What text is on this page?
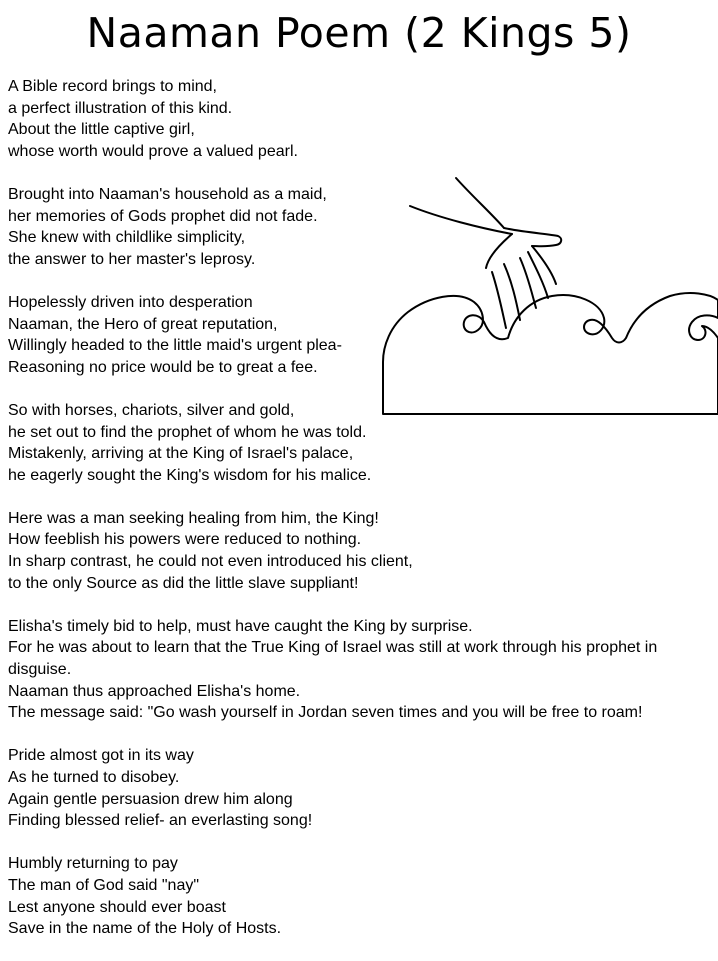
Naaman Poem (2 Kings 5)
A Bible record brings to mind,
a perfect illustration of this kind.
About the little captive girl,
whose worth would prove a valued pearl.
Brought into Naaman's household as a maid,
her memories of Gods prophet did not fade.
She knew with childlike simplicity,
the answer to her master's leprosy.
Hopelessly driven into desperation
Naaman, the Hero of great reputation,
Willingly headed to the little maid's urgent plea-
Reasoning no price would be to great a fee.
So with horses, chariots, silver and gold,
he set out to find the prophet of whom he was told.
Mistakenly, arriving at the King of Israel's palace,
he eagerly sought the King's wisdom for his malice.
Here was a man seeking healing from him, the King!
How feeblish his powers were reduced to nothing.
In sharp contrast, he could not even introduced his client,
to the only Source as did the little slave suppliant!
Elisha's timely bid to help, must have caught the King by surprise.
For he was about to learn that the True King of Israel was still at work through his prophet in disguise.
Naaman thus approached Elisha's home.
The message said: "Go wash yourself in Jordan seven times and you will be free to roam!
Pride almost got in its way
As he turned to disobey.
Again gentle persuasion drew him along
Finding blessed relief- an everlasting song!
Humbly returning to pay
The man of God said "nay"
Lest anyone should ever boast
Save in the name of the Holy of Hosts.
